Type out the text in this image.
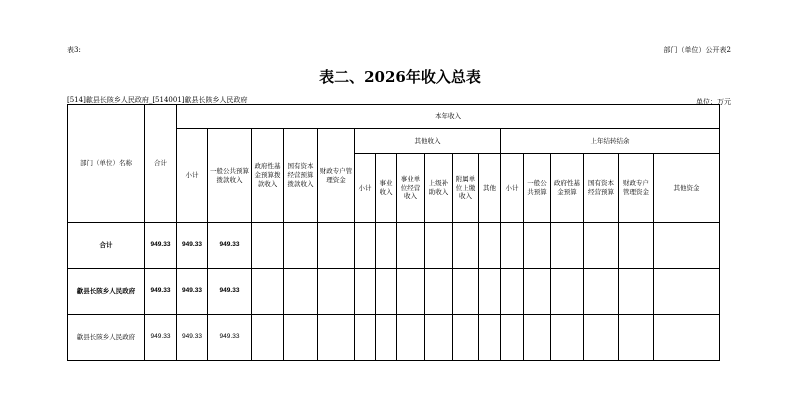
表3:	部门（单位）公开表2
表二、2026年收入总表
[514]歙县长陔乡人民政府_[514001]歙县长陔乡人民政府	单位：万元
部门（单位）名称	合计	本年收入																
		小计	一般公共预算拨款收入	政府性基金预算拨款收入	国有资本经营预算拨款收入	财政专户管理资金	其他收入						上年结转结余					
							小计	事业收入	事业单位经营收入	上级补助收入	附属单位上缴收入	其他	小计	一般公共预算	政府性基金预算	国有资本经营预算	财政专户管理资金	其他资金
合计	949.33	949.33	949.33															
歙县长陔乡人民政府	949.33	949.33	949.33															
歙县长陔乡人民政府	949.33	949.33	949.33															
